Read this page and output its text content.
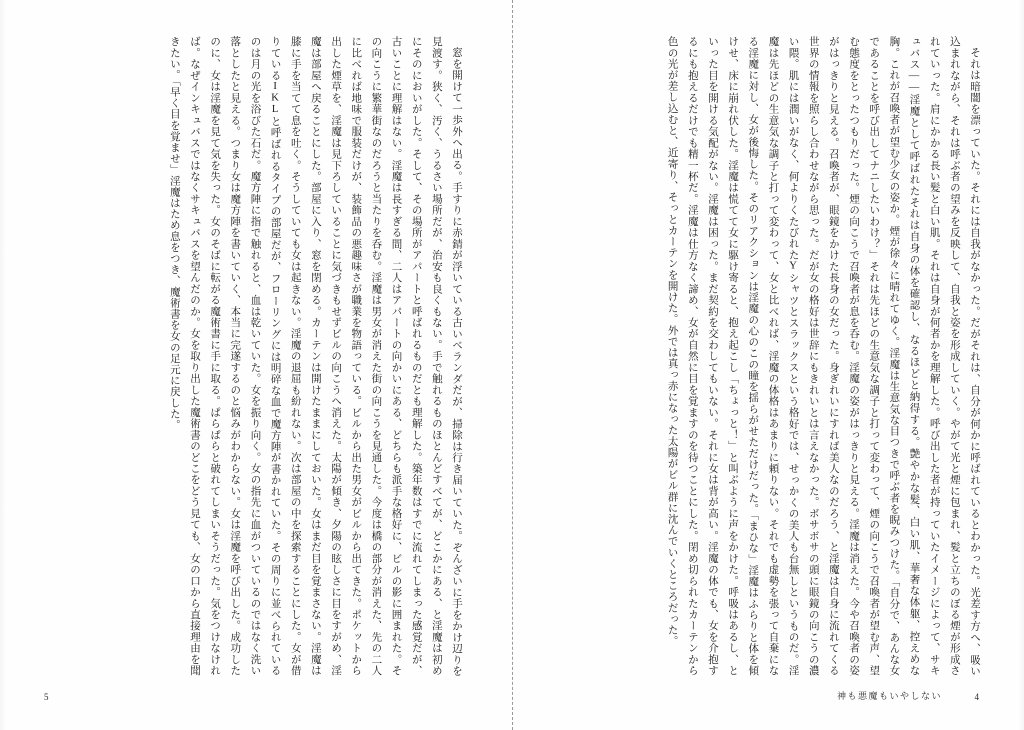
窓を開けて一歩外へ出る。手すりに赤錆が浮いている古いベランダだが、掃除は行き届いていた。ぞんざいに手をかけ辺りを見渡す。狭く、汚く、うるさい場所だが、治安も良くもない。手で触れるものほとんどすべてが、どこかにある、と淫魔は初めにそのにおいがした。そして、その場所がアパートと呼ばれるものだとも理解した。築年数はすでに流れてしまった感覚だが、古いことに理解はない。淫魔は長すぎる間、二人はアパートの向かいにある、どちらも派手な格好に、ビルの影に囲まれた。その向こうに繁華街なのだろうと当たりを呑む。淫魔は男女が消えた街の向こうを見通した。今度は橋の部分が消えた、先の二人に比べれば地味で服装だけが、装飾品の悪趣味さが職業を物語っている。ビルから出た男女がビルから出てきた。ポケットから出した煙草を、淫魔は見下ろしていることに気づきもせずビルの向こうへ消えた。太陽が傾き、夕陽の眩しさに目をすがめ、淫魔は部屋へ戻ることにした。部屋に入り、窓を閉める。カーテンは開けたままにしておいた。女はまだ目を覚まさない。淫魔は膝に手を当てて息を吐く。そうしていても女は起きない。淫魔の退屈も紛れない。次は部屋の中を探索することにした。女が借りているIKLと呼ばれるタイプの部屋だが、フローリングには明碎な血で魔方陣が書かれていた。その周りに並べられているのは月の光を浴びた石だ。魔方陣に指で触れると、血は乾いていた。女を振り向く。女の指先に血がついているのではなく洗い落としたと見える。つまり女は魔方陣を書いていく、本当に完遂するのと悩みがわからない。女は淫魔を呼び出した。成功したのに、女は淫魔を見て気を失った。女のそばに転がる魔術書に手に取る。ぱらぱらと破れてしまいそうだった。気をつけなければ。なぜインキュバスではなくサキュバスを望んだのか。女を取り出した魔術書のどこをどう見ても、女の口から直接理由を聞きたい。「早く目を覚ませ」淫魔はため息をつき、魔術書を女の足元に戻した。

5

それは暗闇を漂っていた。それには自我がなかった。だがそれは、自分が何かに呼ばれているとわかった。光差す方へ、吸い込まれながら、それは呼ぶ者の望みを反映して、自我と姿を形成していく。やがて光と煙に包まれ、髪と立ちのぼる煙が形成されていった。肩にかかる長い髪と白い肌。それは自身が何者かを理解した。呼び出した者が持っていたイメージによって、サキュバス――淫魔として呼ばれたそれは自身の体を確認し、なるほどと納得する。艶やかな髪、白い肌、華奢な体躯、控えめな胸。これが召喚者が望む少女の姿か。煙が徐々に晴れてゆく。淫魔は生意気な目つきで呼ぶ者を睨みつけた。「自分で、あんな女であることを呼び出してナニしたいわけ？」それは先ほどの生意気な調子と打って変わって、煙の向こうで召喚者が望む声、望む態度をとったつもりだった。煙の向こうで召喚者が息を呑む。淫魔の姿がはっきりと見える。淫魔は消えた。今や召喚者の姿がはっきりと見える。召喚者が、眼鏡をかけた長身の女だった。身ぎれいにすれば美人なのだろう、と淫魔は自身に流れてくる世界の情報を照らし合わせながら思った。だが女の格好は世辞にもきれいとは言えなかった。ボサボサの頭に眼鏡の向こうの濃い隈。肌には潤いがなく、何よりくたびれたYシャツとスラックスという格好では、せっかくの美人も台無しというものだ。淫魔は先ほどの生意気な調子と打って変わって、女と比べれば、淫魔の体格はあまりに頼りない。それでも虚勢を張って自棄になる淫魔に対し、女が後悔した。そのリアクションは淫魔の心のこの瞳を揺らがせただけだった。「まひな」淫魔はふらりと体を傾けせ、床に崩れ伏した。淫魔は慌てて女に駆け寄ると、抱え起こし「ちょっと！」と叫ぶように声をかけた。呼吸はあるし、といった目を開ける気配がない。淫魔は困った。まだ契約を交わしてもいない。それに女は背が高い。淫魔の体でも、女を介抱するにも抱えるだけでも精一杯だ。淫魔は仕方なく諦め、女が自然に目を覚ますのを待つことにした。閉め切られたカーテンから色の光が差し込むと、近寄り、そっとカーテンを開けた。外では真っ赤になった太陽がビル群に沈んでいくところだった。

神も悪魔もいやしない	4
